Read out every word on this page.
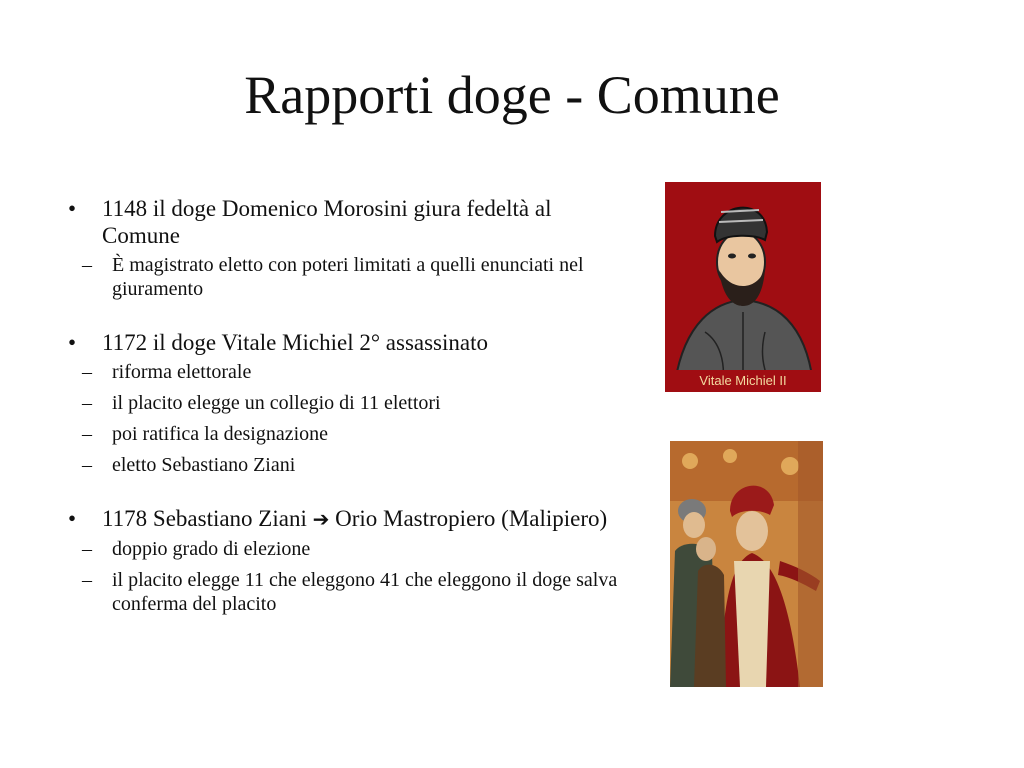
Rapporti doge - Comune
• 1148 il doge Domenico Morosini giura fedeltà al Comune
– È magistrato eletto con poteri limitati a quelli enunciati nel giuramento
• 1172 il doge Vitale Michiel 2° assassinato
– riforma elettorale
– il placito elegge un collegio di 11 elettori
– poi ratifica la designazione
– eletto Sebastiano Ziani
• 1178 Sebastiano Ziani ➔ Orio Mastropiero (Malipiero)
– doppio grado di elezione
– il placito elegge 11 che eleggono 41 che eleggono il doge salva conferma del placito
Vitale Michiel II
